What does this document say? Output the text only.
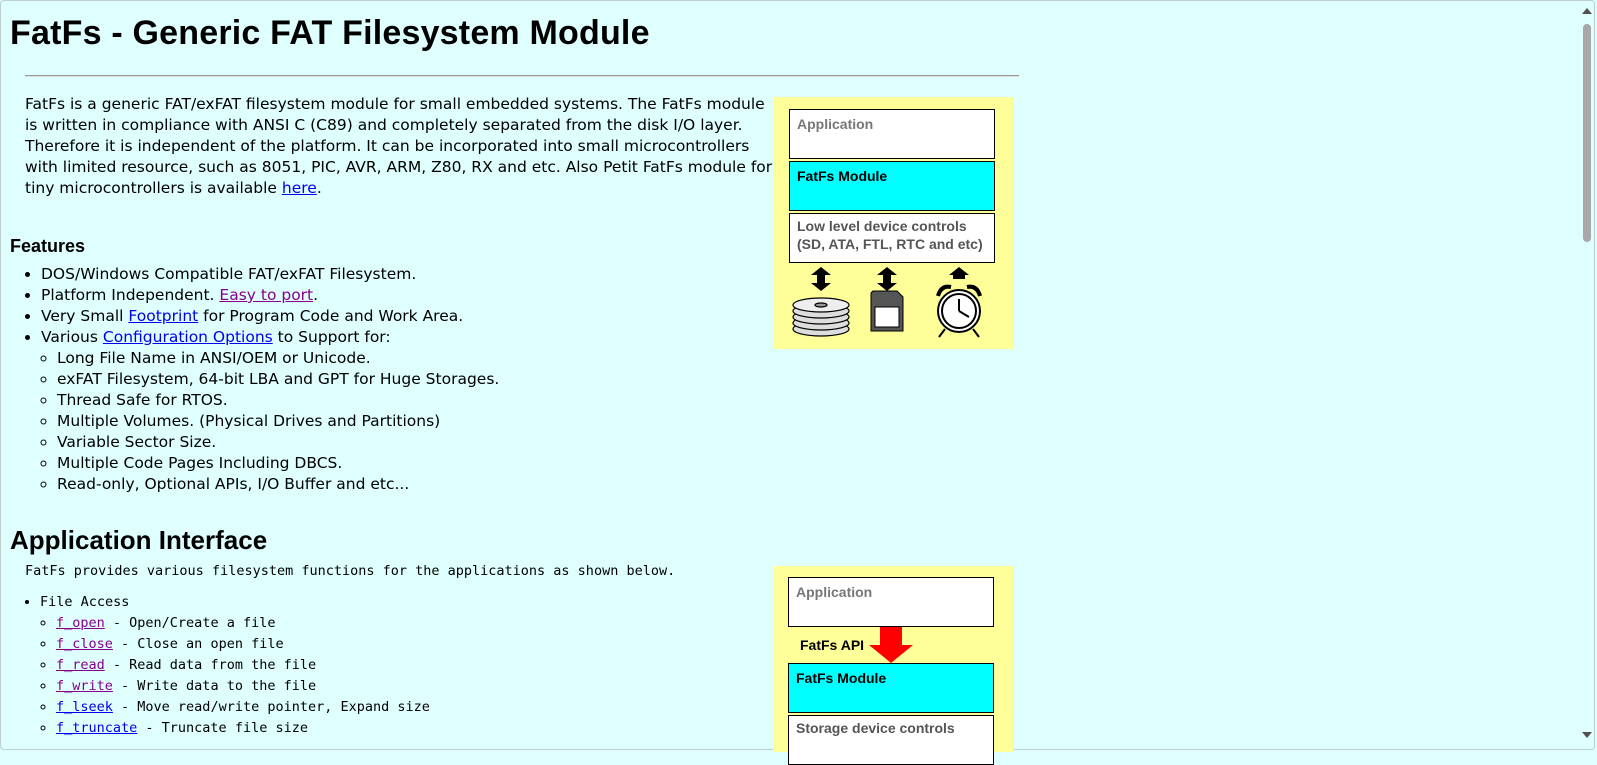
FatFs - Generic FAT Filesystem Module
FatFs is a generic FAT/exFAT filesystem module for small embedded systems. The FatFs module is written in compliance with ANSI C (C89) and completely separated from the disk I/O layer. Therefore it is independent of the platform. It can be incorporated into small microcontrollers with limited resource, such as 8051, PIC, AVR, ARM, Z80, RX and etc. Also Petit FatFs module for tiny microcontrollers is available here.
Application
FatFs Module
Low level device controls
(SD, ATA, FTL, RTC and etc)
Features
• DOS/Windows Compatible FAT/exFAT Filesystem.
• Platform Independent. Easy to port.
• Very Small Footprint for Program Code and Work Area.
• Various Configuration Options to Support for:
◦ Long File Name in ANSI/OEM or Unicode.
◦ exFAT Filesystem, 64-bit LBA and GPT for Huge Storages.
◦ Thread Safe for RTOS.
◦ Multiple Volumes. (Physical Drives and Partitions)
◦ Variable Sector Size.
◦ Multiple Code Pages Including DBCS.
◦ Read-only, Optional APIs, I/O Buffer and etc...
Application Interface
FatFs provides various filesystem functions for the applications as shown below.
• File Access
◦ f_open - Open/Create a file
◦ f_close - Close an open file
◦ f_read - Read data from the file
◦ f_write - Write data to the file
◦ f_lseek - Move read/write pointer, Expand size
◦ f_truncate - Truncate file size
Application
FatFs API
FatFs Module
Storage device controls
